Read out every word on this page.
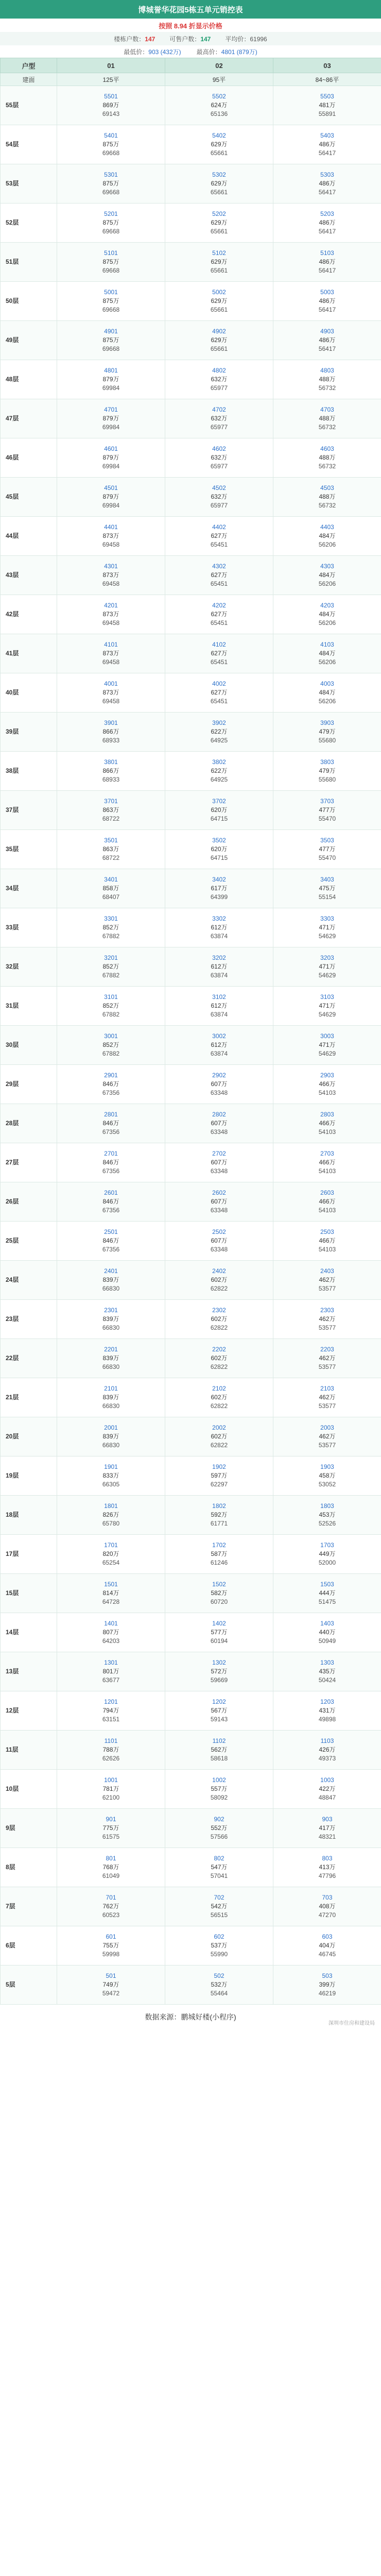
博城誉华花园5栋五单元销控表
按照 8.94 折显示价格
楼栋户数：147 可售户数：147 平均价：61996
最低价：903 (432万)	最高价：4801 (879万)
户型	01	02	03
建面	125平	95平	84~86平
55层	5501
869万
69143	5502
624万
65136	5503
481万
55891

54层	5401
875万
69668	5402
629万
65661	5403
486万
56417

53层	5301
875万
69668	5302
629万
65661	5303
486万
56417

52层	5201
875万
69668	5202
629万
65661	5203
486万
56417

51层	5101
875万
69668	5102
629万
65661	5103
486万
56417

50层	5001
875万
69668	5002
629万
65661	5003
486万
56417

49层	4901
875万
69668	4902
629万
65661	4903
486万
56417

48层	4801
879万
69984	4802
632万
65977	4803
488万
56732

47层	4701
879万
69984	4702
632万
65977	4703
488万
56732

46层	4601
879万
69984	4602
632万
65977	4603
488万
56732

45层	4501
879万
69984	4502
632万
65977	4503
488万
56732

44层	4401
873万
69458	4402
627万
65451	4403
484万
56206

43层	4301
873万
69458	4302
627万
65451	4303
484万
56206

42层	4201
873万
69458	4202
627万
65451	4203
484万
56206

41层	4101
873万
69458	4102
627万
65451	4103
484万
56206

40层	4001
873万
69458	4002
627万
65451	4003
484万
56206

39层	3901
866万
68933	3902
622万
64925	3903
479万
55680

38层	3801
866万
68933	3802
622万
64925	3803
479万
55680

37层	3701
863万
68722	3702
620万
64715	3703
477万
55470

35层	3501
863万
68722	3502
620万
64715	3503
477万
55470

34层	3401
858万
68407	3402
617万
64399	3403
475万
55154

33层	3301
852万
67882	3302
612万
63874	3303
471万
54629

32层	3201
852万
67882	3202
612万
63874	3203
471万
54629

31层	3101
852万
67882	3102
612万
63874	3103
471万
54629

30层	3001
852万
67882	3002
612万
63874	3003
471万
54629

29层	2901
846万
67356	2902
607万
63348	2903
466万
54103

28层	2801
846万
67356	2802
607万
63348	2803
466万
54103

27层	2701
846万
67356	2702
607万
63348	2703
466万
54103

26层	2601
846万
67356	2602
607万
63348	2603
466万
54103

25层	2501
846万
67356	2502
607万
63348	2503
466万
54103

24层	2401
839万
66830	2402
602万
62822	2403
462万
53577

23层	2301
839万
66830	2302
602万
62822	2303
462万
53577

22层	2201
839万
66830	2202
602万
62822	2203
462万
53577

21层	2101
839万
66830	2102
602万
62822	2103
462万
53577

20层	2001
839万
66830	2002
602万
62822	2003
462万
53577

19层	1901
833万
66305	1902
597万
62297	1903
458万
53052

18层	1801
826万
65780	1802
592万
61771	1803
453万
52526

17层	1701
820万
65254	1702
587万
61246	1703
449万
52000

15层	1501
814万
64728	1502
582万
60720	1503
444万
51475

14层	1401
807万
64203	1402
577万
60194	1403
440万
50949

13层	1301
801万
63677	1302
572万
59669	1303
435万
50424

12层	1201
794万
63151	1202
567万
59143	1203
431万
49898

11层	1101
788万
62626	1102
562万
58618	1103
426万
49373

10层	1001
781万
62100	1002
557万
58092	1003
422万
48847

9层	901
775万
61575	902
552万
57566	903
417万
48321

8层	801
768万
61049	802
547万
57041	803
413万
47796

7层	701
762万
60523	702
542万
56515	703
408万
47270

6层	601
755万
59998	602
537万
55990	603
404万
46745

5层	501
749万
59472	502
532万
55464	503
399万
46219
数据来源：鹏城好楼(小程序)
深圳市住房和建设局
